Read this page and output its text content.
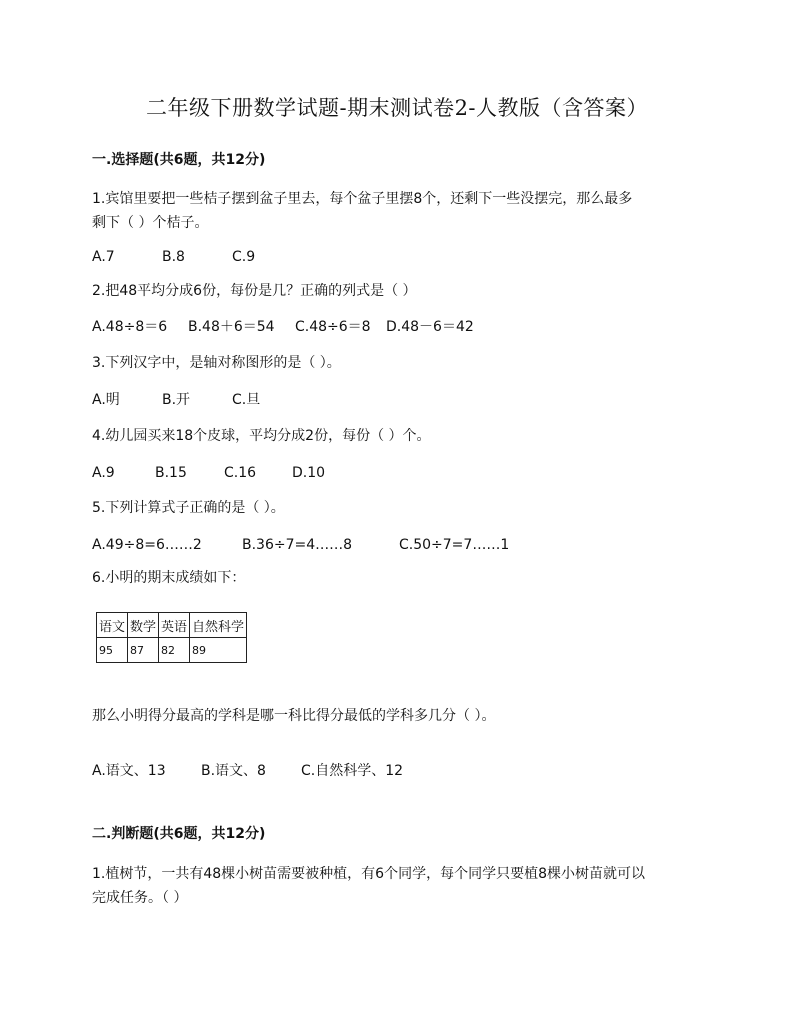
二年级下册数学试题-期末测试卷2-人教版（含答案）
一.选择题(共6题，共12分)
1.宾馆里要把一些桔子摆到盆子里去，每个盆子里摆8个，还剩下一些没摆完，那么最多
剩下（ ）个桔子。
A.7	B.8	C.9
2.把48平均分成6份，每份是几？正确的列式是（ ）
A.48÷8＝6 B.48＋6＝54 C.48÷6＝8 D.48－6＝42
3.下列汉字中，是轴对称图形的是（ ）。
A.明	B.开	C.旦
4.幼儿园买来18个皮球，平均分成2份，每份（ ）个。
A.9	B.15	C.16	D.10
5.下列计算式子正确的是（ ）。
A.49÷8=6……2	B.36÷7=4……8	C.50÷7=7……1
6.小明的期末成绩如下：
语文	数学	英语	自然科学
95	87	82	89
那么小明得分最高的学科是哪一科比得分最低的学科多几分（ ）。
A.语文、13	B.语文、8	C.自然科学、12
二.判断题(共6题，共12分)
1.植树节，一共有48棵小树苗需要被种植，有6个同学，每个同学只要植8棵小树苗就可以
完成任务。（ ）
